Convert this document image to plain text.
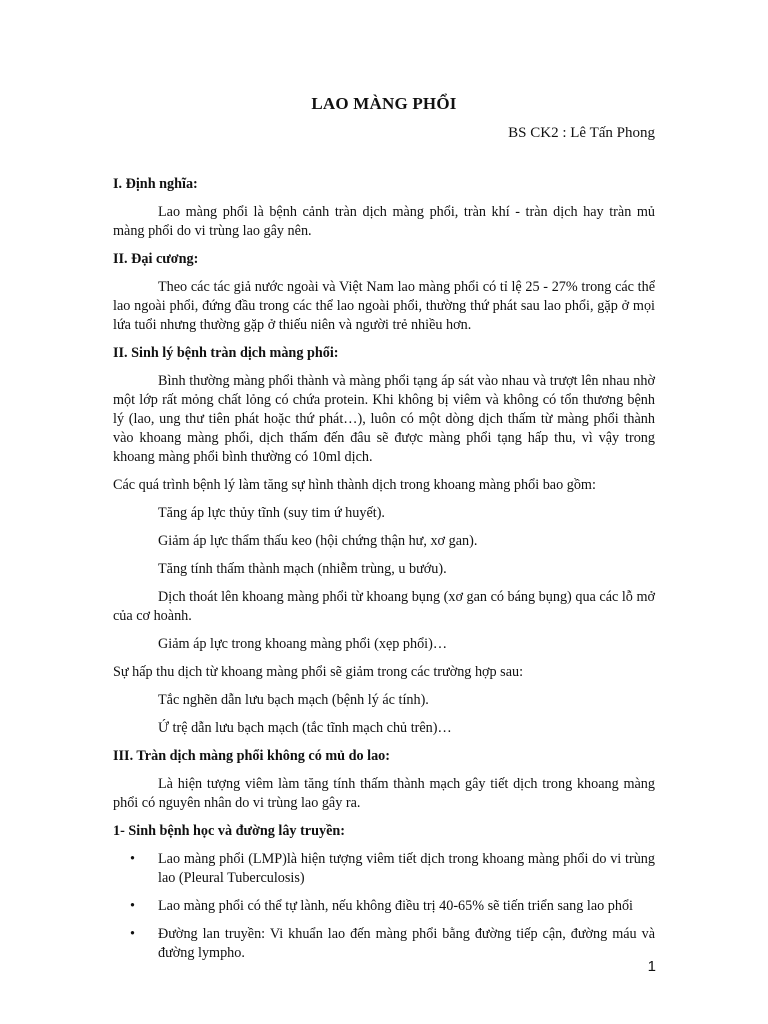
LAO MÀNG PHỔI
BS CK2 : Lê Tấn Phong
I. Định nghĩa:
Lao màng phổi là bệnh cảnh tràn dịch màng phổi, tràn khí - tràn dịch hay tràn mủ màng phổi do vi trùng lao gây nên.
II. Đại cương:
Theo các tác giả nước ngoài và Việt Nam lao màng phổi có tỉ lệ 25 - 27% trong các thể lao ngoài phổi, đứng đầu trong các thể lao ngoài phổi, thường thứ phát sau lao phổi, gặp ở mọi lứa tuổi nhưng thường gặp ở thiếu niên và người trẻ nhiều hơn.
II. Sinh lý bệnh tràn dịch màng phổi:
Bình thường màng phổi thành và màng phổi tạng áp sát vào nhau và trượt lên nhau nhờ một lớp rất mỏng chất lỏng có chứa protein. Khi không bị viêm và không có tổn thương bệnh lý (lao, ung thư tiên phát hoặc thứ phát…), luôn có một dòng dịch thấm từ màng phổi thành vào khoang màng phổi, dịch thấm đến đâu sẽ được màng phổi tạng hấp thu, vì vậy trong khoang màng phổi bình thường có 10ml dịch.
Các quá trình bệnh lý làm tăng sự hình thành dịch trong khoang màng phổi bao gồm:
Tăng áp lực thủy tĩnh (suy tim ứ huyết).
Giảm áp lực thẩm thấu keo (hội chứng thận hư, xơ gan).
Tăng tính thấm thành mạch (nhiễm trùng, u bướu).
Dịch thoát lên khoang màng phổi từ khoang bụng (xơ gan có báng bụng) qua các lỗ mở của cơ hoành.
Giảm áp lực trong khoang màng phổi (xẹp phổi)…
Sự hấp thu dịch từ khoang màng phổi sẽ giảm trong các trường hợp sau:
Tắc nghẽn dẫn lưu bạch mạch (bệnh lý ác tính).
Ứ trệ dẫn lưu bạch mạch (tắc tĩnh mạch chủ trên)…
III. Tràn dịch màng phổi không có mủ do lao:
Là hiện tượng viêm làm tăng tính thấm thành mạch gây tiết dịch trong khoang màng phổi có nguyên nhân do vi trùng lao gây ra.
1- Sinh bệnh học và đường lây truyền:
• Lao màng phổi (LMP)là hiện tượng viêm tiết dịch trong khoang màng phổi do vi trùng lao (Pleural Tuberculosis)
• Lao màng phổi có thể tự lành, nếu không điều trị 40-65% sẽ tiến triển sang lao phổi
• Đường lan truyền: Vi khuẩn lao đến màng phổi bằng đường tiếp cận, đường máu và đường lympho.
1
